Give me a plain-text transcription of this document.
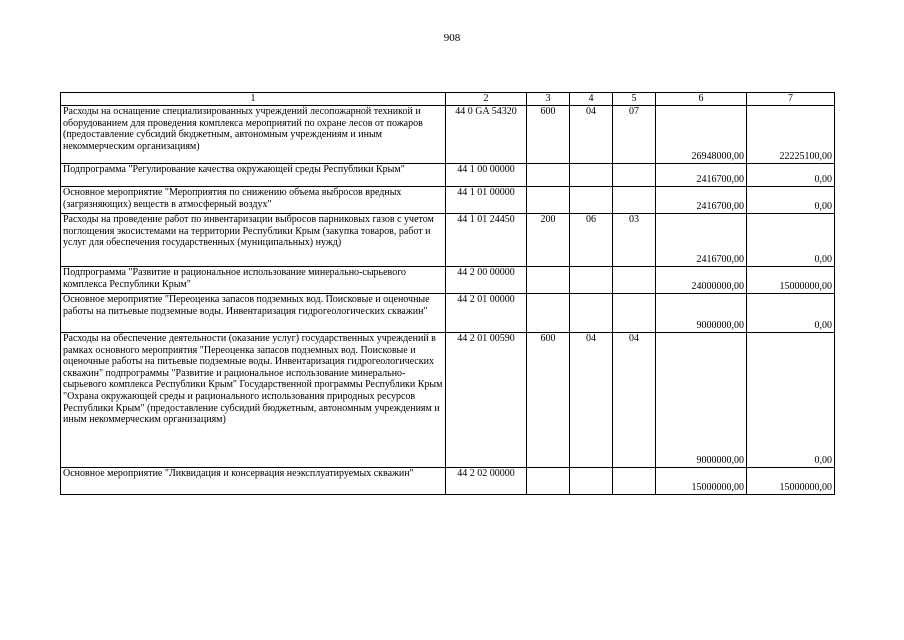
908
1	2	3	4	5	6	7
Расходы на оснащение специализированных учреждений лесопожарной техникой и оборудованием для проведения комплекса мероприятий по охране лесов от пожаров (предоставление субсидий бюджетным, автономным учреждениям и иным некоммерческим организациям)	44 0 GA 54320	600	04	07	26948000,00	22225100,00
Подпрограмма "Регулирование качества окружающей среды Республики Крым"	44 1 00 00000				2416700,00	0,00
Основное мероприятие "Мероприятия по снижению объема выбросов вредных (загрязняющих) веществ в атмосферный воздух"	44 1 01 00000				2416700,00	0,00
Расходы на проведение работ по инвентаризации выбросов парниковых газов с учетом поглощения экосистемами на территории Республики Крым (закупка товаров, работ и услуг для обеспечения государственных (муниципальных) нужд)	44 1 01 24450	200	06	03	2416700,00	0,00
Подпрограмма "Развитие и рациональное использование минерально-сырьевого комплекса Республики Крым"	44 2 00 00000				24000000,00	15000000,00
Основное мероприятие "Переоценка запасов подземных вод. Поисковые и оценочные работы на питьевые подземные воды. Инвентаризация гидрогеологических скважин"	44 2 01 00000				9000000,00	0,00
Расходы на обеспечение деятельности (оказание услуг) государственных учреждений в рамках основного мероприятия "Переоценка запасов подземных вод. Поисковые и оценочные работы на питьевые подземные воды. Инвентаризация гидрогеологических скважин" подпрограммы "Развитие и рациональное использование минерально-сырьевого комплекса Республики Крым" Государственной программы Республики Крым "Охрана окружающей среды и рационального использования природных ресурсов Республики Крым" (предоставление субсидий бюджетным, автономным учреждениям и иным некоммерческим организациям)	44 2 01 00590	600	04	04	9000000,00	0,00
Основное мероприятие "Ликвидация и консервация неэксплуатируемых скважин"	44 2 02 00000				15000000,00	15000000,00
